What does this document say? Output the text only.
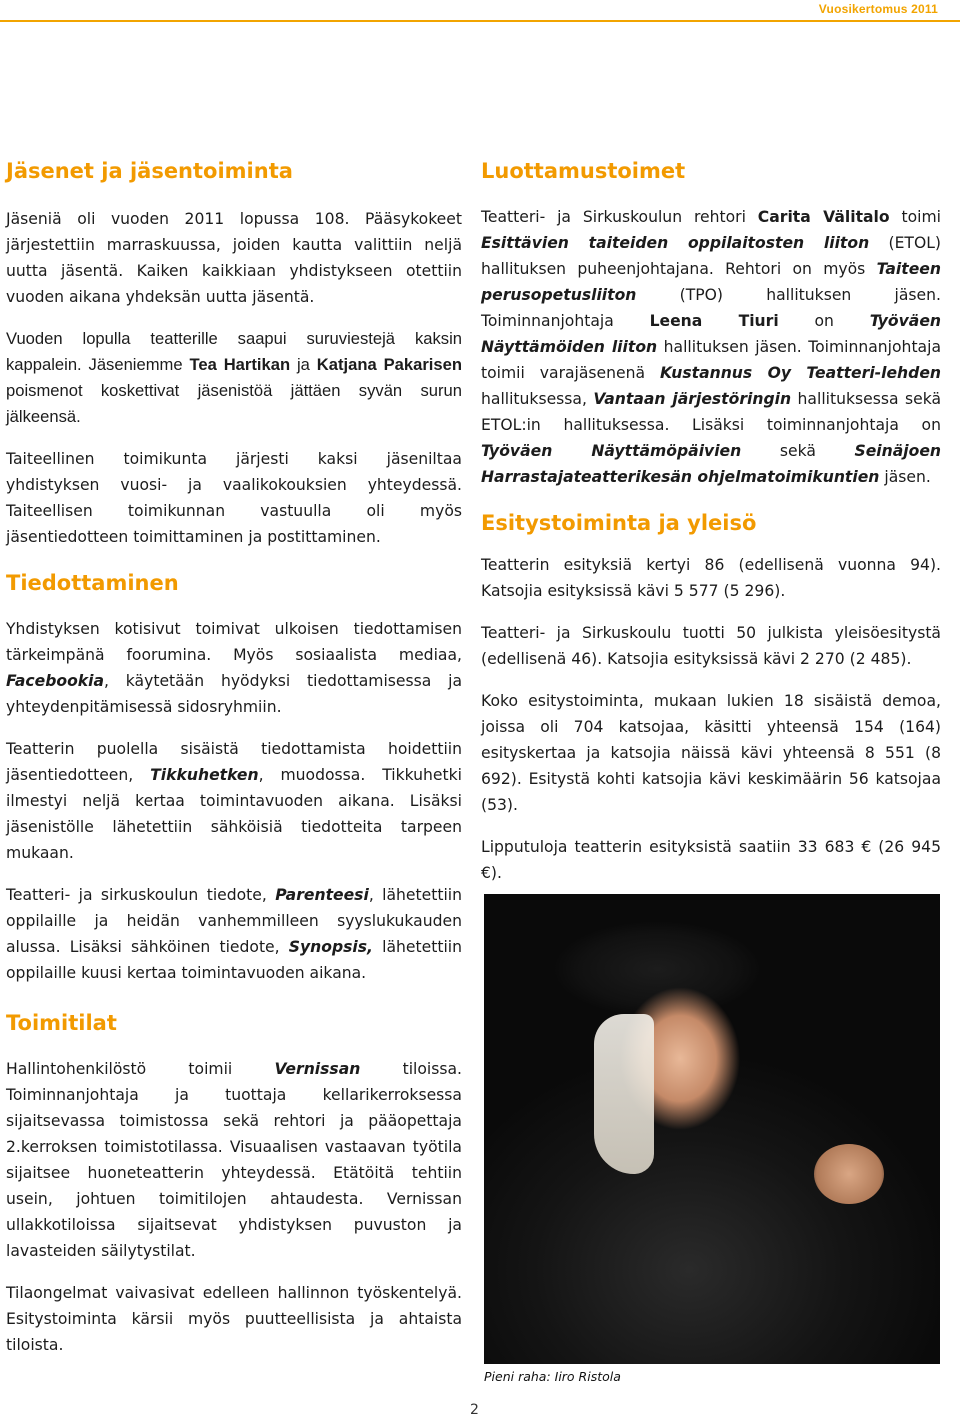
Vuosikertomus 2011
Jäsenet ja jäsentoiminta

Jäseniä oli vuoden 2011 lopussa 108. Pääsykokeet järjestettiin marraskuussa, joiden kautta valittiin neljä uutta jäsentä. Kaiken kaikkiaan yhdistykseen otettiin vuoden aikana yhdeksän uutta jäsentä.

Vuoden lopulla teatterille saapui suruviestejä kaksin kappalein. Jäseniemme Tea Hartikan ja Katjana Pakarisen poismenot koskettivat jäsenistöä jättäen syvän surun jälkeensä.

Taiteellinen toimikunta järjesti kaksi jäseniltaa yhdistyksen vuosi- ja vaalikokouksien yhteydessä. Taiteellisen toimikunnan vastuulla oli myös jäsentiedotteen toimittaminen ja postittaminen.

Tiedottaminen

Yhdistyksen kotisivut toimivat ulkoisen tiedottamisen tärkeimpänä foorumina. Myös sosiaalista mediaa, Facebookia, käytetään hyödyksi tiedottamisessa ja yhteydenpitämisessä sidosryhmiin.

Teatterin puolella sisäistä tiedottamista hoidettiin jäsentiedotteen, Tikkuhetken, muodossa. Tikkuhetki ilmestyi neljä kertaa toimintavuoden aikana. Lisäksi jäsenistölle lähetettiin sähköisiä tiedotteita tarpeen mukaan.

Teatteri- ja sirkuskoulun tiedote, Parenteesi, lähetettiin oppilaille ja heidän vanhemmilleen syyslukukauden alussa. Lisäksi sähköinen tiedote, Synopsis, lähetettiin oppilaille kuusi kertaa toimintavuoden aikana.

Toimitilat

Hallintohenkilöstö toimii Vernissan tiloissa. Toiminnanjohtaja ja tuottaja kellarikerroksessa sijaitsevassa toimistossa sekä rehtori ja pääopettaja 2.kerroksen toimistotilassa. Visuaalisen vastaavan työtila sijaitsee huoneteatterin yhteydessä. Etätöitä tehtiin usein, johtuen toimitilojen ahtaudesta. Vernissan ullakkotiloissa sijaitsevat yhdistyksen puvuston ja lavasteiden säilytystilat.

Tilaongelmat vaivasivat edelleen hallinnon työskentelyä. Esitystoiminta kärsii myös puutteellisista ja ahtaista tiloista.

Luottamustoimet

Teatteri- ja Sirkuskoulun rehtori Carita Välitalo toimi Esittävien taiteiden oppilaitosten liiton (ETOL) hallituksen puheenjohtajana. Rehtori on myös Taiteen perusopetusliiton (TPO) hallituksen jäsen. Toiminnanjohtaja Leena Tiuri on Työväen Näyttämöiden liiton hallituksen jäsen. Toiminnanjohtaja toimii varajäsenenä Kustannus Oy Teatteri-lehden hallituksessa, Vantaan järjestöringin hallituksessa sekä ETOL:in hallituksessa. Lisäksi toiminnanjohtaja on Työväen Näyttämöpäivien sekä Seinäjoen Harrastajateatterikesän ohjelmatoimikuntien jäsen.

Esitystoiminta ja yleisö

Teatterin esityksiä kertyi 86 (edellisenä vuonna 94). Katsojia esityksissä kävi 5 577 (5 296).

Teatteri- ja Sirkuskoulu tuotti 50 julkista yleisöesitystä (edellisenä 46). Katsojia esityksissä kävi 2 270 (2 485).

Koko esitystoiminta, mukaan lukien 18 sisäistä demoa, joissa oli 704 katsojaa, käsitti yhteensä 154 (164) esityskertaa ja katsojia näissä kävi yhteensä 8 551 (8 692). Esitystä kohti katsojia kävi keskimäärin 56 katsojaa (53).

Lipputuloja teatterin esityksistä saatiin 33 683 € (26 945 €).

Pieni raha: Iiro Ristola
2
